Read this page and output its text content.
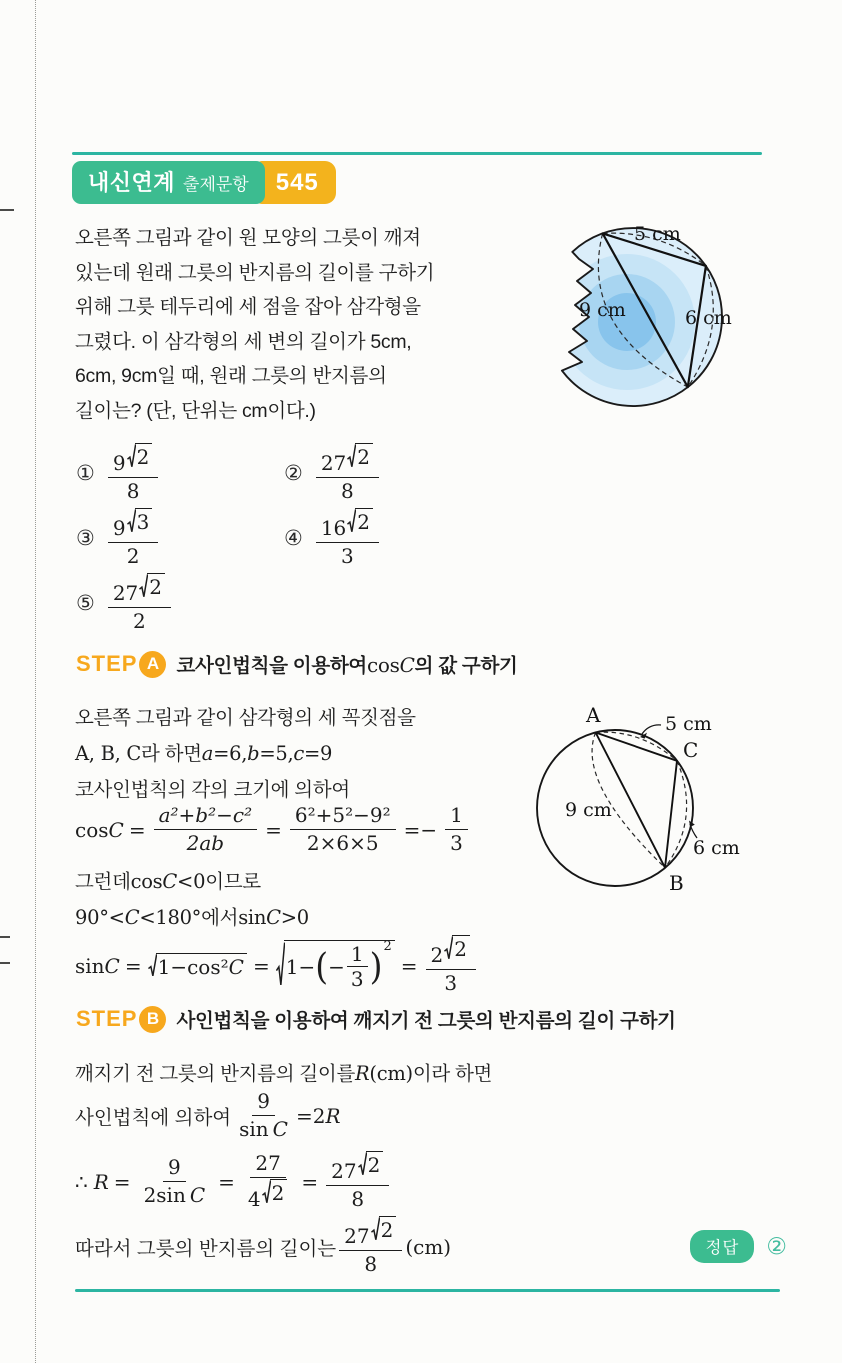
내신연계 출제문항	545
오른쪽 그림과 같이 원 모양의 그릇이 깨져
있는데 원래 그릇의 반지름의 길이를 구하기
위해 그릇 테두리에 세 점을 잡아 삼각형을
그렸다. 이 삼각형의 세 변의 길이가 5cm,
6cm, 9cm일 때, 원래 그릇의 반지름의
길이는? (단, 단위는 cm이다.)
5 cm
9 cm	6 cm
① $\frac{9 2}{8}$	② $\frac{27 2}{8}$
③ $\frac{9 3}{2}$	④ $\frac{16 2}{3}$
⑤ $\frac{27 2}{2}$
STEP A 코사인법칙을 이용하여 cos C 의 값 구하기
오른쪽 그림과 같이 삼각형의 세 꼭짓점을
A, B, C 라 하면 a =6, b =5, c =9
코사인법칙의 각의 크기에 의하여
$\cos C = \frac{\text{a²+b²−c²}}{2ab} = \frac{\text{6²+5²−9²}}{2\times 6\times 5} =- \frac{1}{3}$
그런데 cos C <0 이므로
90°< C <180° 에서 sin C >0
sin C = 1−cos² C = 1− ( − $\frac{1}{3}$ ) 2
= $\frac{2 2}{3}$
A
C
B
5 cm
9 cm
6 cm
STEP B 사인법칙을 이용하여 깨지기 전 그릇의 반지름의 길이 구하기
깨지기 전 그릇의 반지름의 길이를 R (cm) 이라 하면
사인법칙에 의하여 $\frac{9}{\text{sin C}} =2$ R
∴ $R = \frac{9}{\text{2 sin C}} = \frac{27}{4 2} = \frac{27 2}{8}$
따라서 그릇의 반지름의 길이는 $\frac{27 2}{8} (cm)$	정답	②
